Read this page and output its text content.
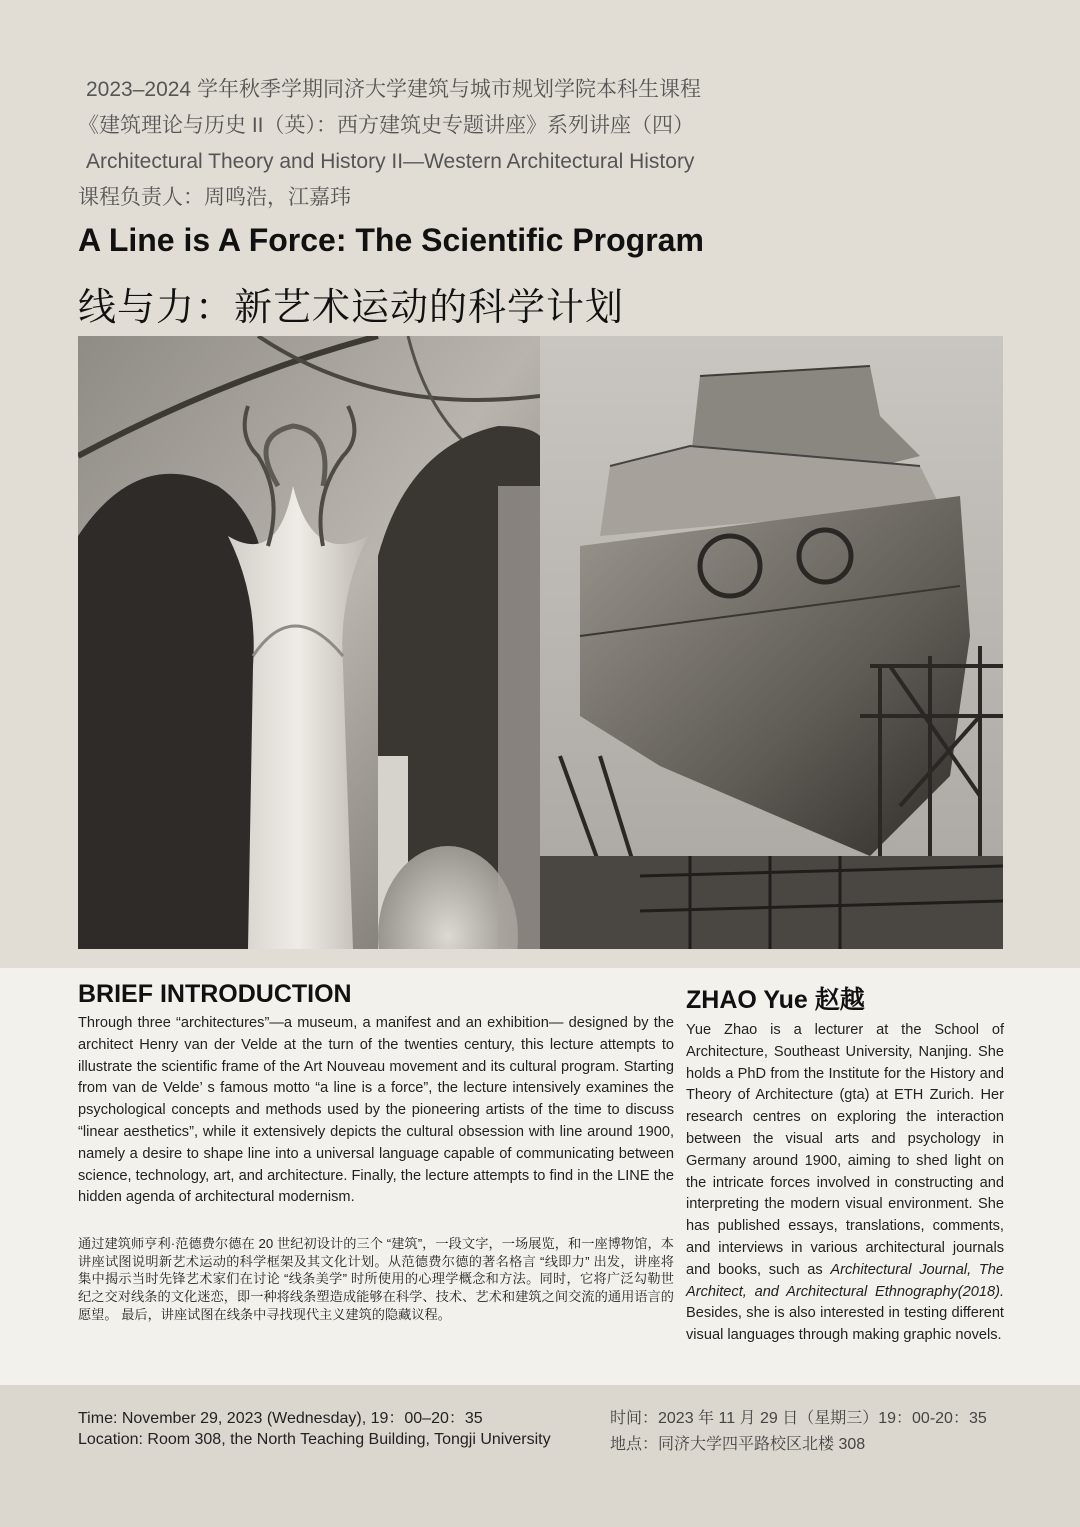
2023–2024 学年秋季学期同济大学建筑与城市规划学院本科生课程
《建筑理论与历史 II（英）：西方建筑史专题讲座》系列讲座（四）
Architectural Theory and History II—Western Architectural History
课程负责人：周鸣浩，江嘉玮
A Line is A Force: The Scientific Program
线与力：新艺术运动的科学计划
BRIEF INTRODUCTION
Through three “architectures”—a museum, a manifest and an exhibition— designed by the architect Henry van der Velde at the turn of the twenties century, this lecture attempts to illustrate the scientific frame of the Art Nouveau movement and its cultural program. Starting from van de Velde’ s famous motto “a line is a force”, the lecture intensively examines the psychological concepts and methods used by the pioneering artists of the time to discuss “linear aesthetics”, while it extensively depicts the cultural obsession with line around 1900, namely a desire to shape line into a universal language capable of communicating between science, technology, art, and architecture. Finally, the lecture attempts to find in the LINE the hidden agenda of architectural modernism.
通过建筑师亨利·范德费尔德在 20 世纪初设计的三个 “建筑”，一段文字，一场展览，和一座博物馆，本讲座试图说明新艺术运动的科学框架及其文化计划。从范德费尔德的著名格言 “线即力” 出发，讲座将集中揭示当时先锋艺术家们在讨论 “线条美学” 时所使用的心理学概念和方法。同时，它将广泛勾勒世纪之交对线条的文化迷恋，即一种将线条塑造成能够在科学、技术、艺术和建筑之间交流的通用语言的愿望。 最后，讲座试图在线条中寻找现代主义建筑的隐藏议程。
ZHAO Yue 赵越
Yue Zhao is a lecturer at the School of Architecture, Southeast University, Nanjing. She holds a PhD from the Institute for the History and Theory of Architecture (gta) at ETH Zurich. Her research centres on exploring the interaction between the visual arts and psychology in Germany around 1900, aiming to shed light on the intricate forces involved in constructing and interpreting the modern visual environment. She has published essays, translations, comments, and interviews in various architectural journals and books, such as Architectural Journal, The Architect, and Architectural Ethnography(2018). Besides, she is also interested in testing different visual languages through making graphic novels.
Time: November 29, 2023 (Wednesday), 19：00–20：35
Location: Room 308, the North Teaching Building, Tongji University
时间：2023 年 11 月 29 日（星期三）19：00-20：35
地点：同济大学四平路校区北楼 308
